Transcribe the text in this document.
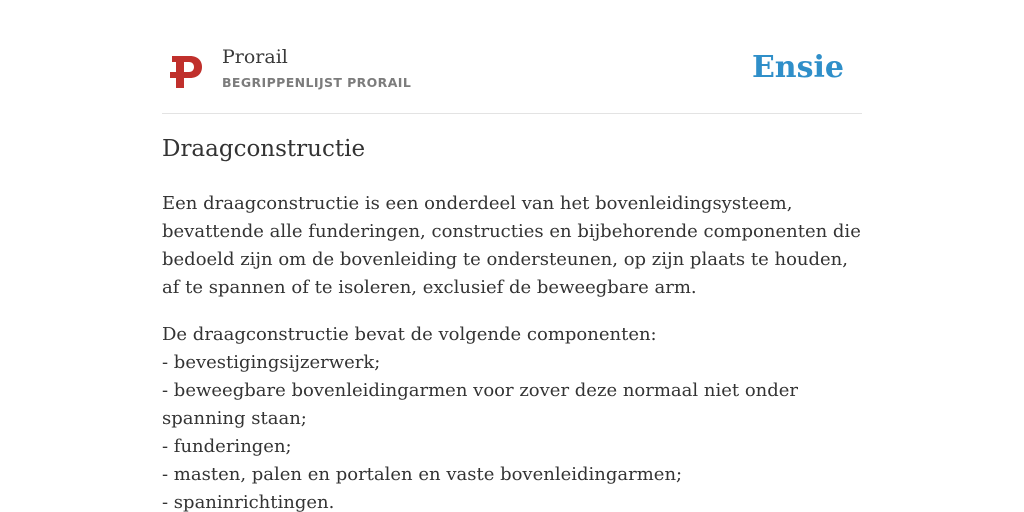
Prorail
BEGRIPPENLIJST PRORAIL	Ensie
Draagconstructie

Een draagconstructie is een onderdeel van het bovenleidingsysteem, bevattende alle funderingen, constructies en bijbehorende componenten die bedoeld zijn om de bovenleiding te ondersteunen, op zijn plaats te houden, af te spannen of te isoleren, exclusief de beweegbare arm.

De draagconstructie bevat de volgende componenten:
- bevestigingsijzerwerk;
- beweegbare bovenleidingarmen voor zover deze normaal niet onder spanning staan;
- funderingen;
- masten, palen en portalen en vaste bovenleidingarmen;
- spaninrichtingen.
